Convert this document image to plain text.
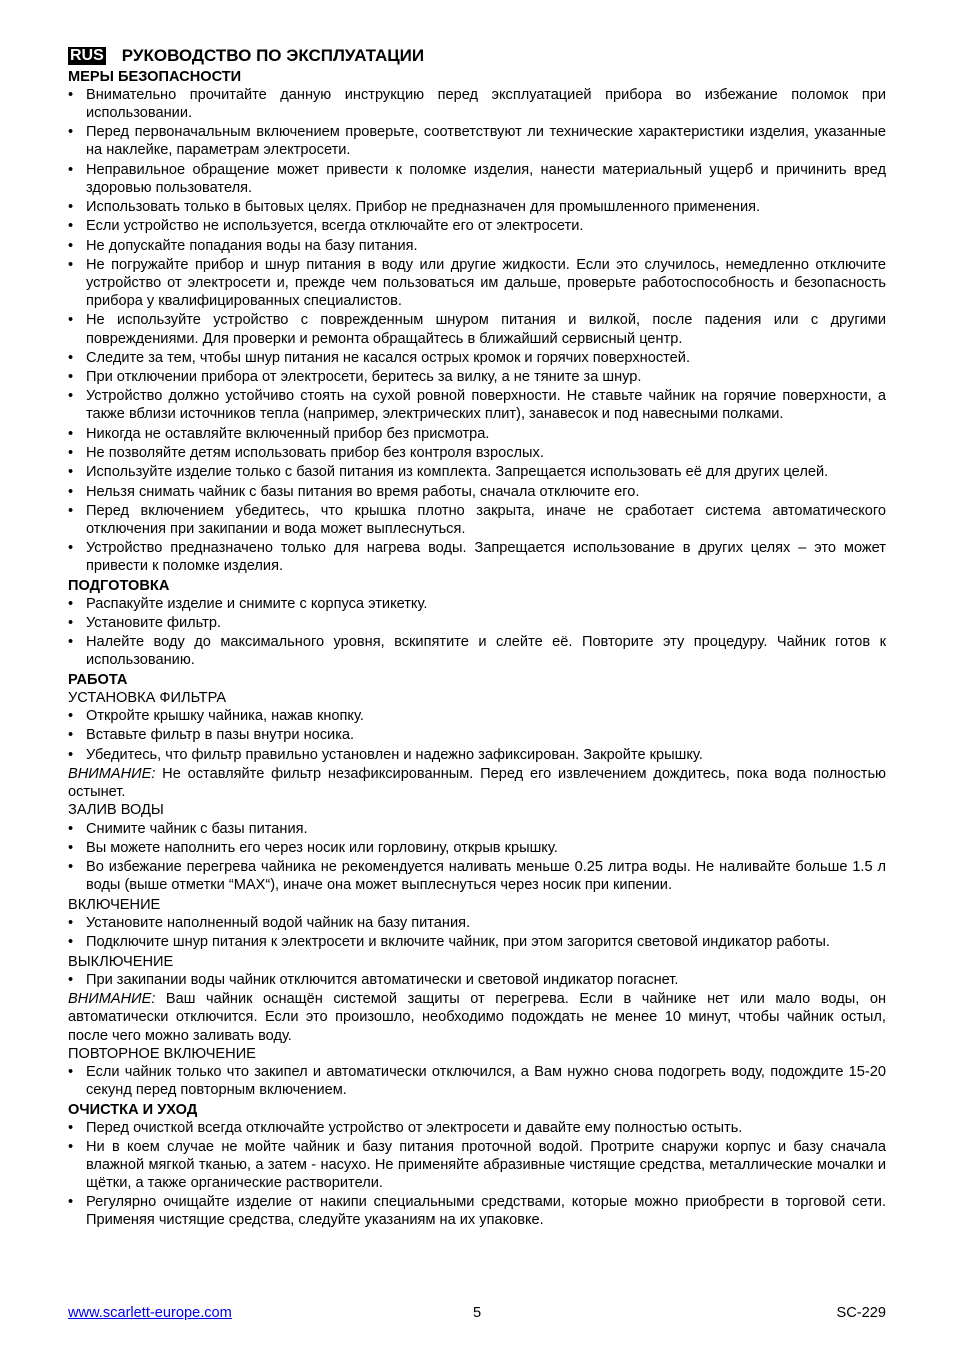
RUS РУКОВОДСТВО ПО ЭКСПЛУАТАЦИИ
МЕРЫ БЕЗОПАСНОСТИ
• Внимательно прочитайте данную инструкцию перед эксплуатацией прибора во избежание поломок при использовании.
• Перед первоначальным включением проверьте, соответствуют ли технические характеристики изделия, указанные на наклейке, параметрам электросети.
• Неправильное обращение может привести к поломке изделия, нанести материальный ущерб и причинить вред здоровью пользователя.
• Использовать только в бытовых целях. Прибор не предназначен для промышленного применения.
• Если устройство не используется, всегда отключайте его от электросети.
• Не допускайте попадания воды на базу питания.
• Не погружайте прибор и шнур питания в воду или другие жидкости. Если это случилось, немедленно отключите устройство от электросети и, прежде чем пользоваться им дальше, проверьте работоспособность и безопасность прибора у квалифицированных специалистов.
• Не используйте устройство с поврежденным шнуром питания и вилкой, после падения или с другими повреждениями. Для проверки и ремонта обращайтесь в ближайший сервисный центр.
• Следите за тем, чтобы шнур питания не касался острых кромок и горячих поверхностей.
• При отключении прибора от электросети, беритесь за вилку, а не тяните за шнур.
• Устройство должно устойчиво стоять на сухой ровной поверхности. Не ставьте чайник на горячие поверхности, а также вблизи источников тепла (например, электрических плит), занавесок и под навесными полками.
• Никогда не оставляйте включенный прибор без присмотра.
• Не позволяйте детям использовать прибор без контроля взрослых.
• Используйте изделие только с базой питания из комплекта. Запрещается использовать её для других целей.
• Нельзя снимать чайник с базы питания во время работы, сначала отключите его.
• Перед включением убедитесь, что крышка плотно закрыта, иначе не сработает система автоматического отключения при закипании и вода может выплеснуться.
• Устройство предназначено только для нагрева воды. Запрещается использование в других целях – это может привести к поломке изделия.
ПОДГОТОВКА
• Распакуйте изделие и снимите с корпуса этикетку.
• Установите фильтр.
• Налейте воду до максимального уровня, вскипятите и слейте её. Повторите эту процедуру. Чайник готов к использованию.
РАБОТА
УСТАНОВКА ФИЛЬТРА
• Откройте крышку чайника, нажав кнопку.
• Вставьте фильтр в пазы внутри носика.
• Убедитесь, что фильтр правильно установлен и надежно зафиксирован. Закройте крышку.
ВНИМАНИЕ: Не оставляйте фильтр незафиксированным. Перед его извлечением дождитесь, пока вода полностью остынет.
ЗАЛИВ ВОДЫ
• Снимите чайник с базы питания.
• Вы можете наполнить его через носик или горловину, открыв крышку.
• Во избежание перегрева чайника не рекомендуется наливать меньше 0.25 литра воды. Не наливайте больше 1.5 л воды (выше отметки “MAX“), иначе она может выплеснуться через носик при кипении.
ВКЛЮЧЕНИЕ
• Установите наполненный водой чайник на базу питания.
• Подключите шнур питания к электросети и включите чайник, при этом загорится световой индикатор работы.
ВЫКЛЮЧЕНИЕ
• При закипании воды чайник отключится автоматически и световой индикатор погаснет.
ВНИМАНИЕ: Ваш чайник оснащён системой защиты от перегрева. Если в чайнике нет или мало воды, он автоматически отключится. Если это произошло, необходимо подождать не менее 10 минут, чтобы чайник остыл, после чего можно заливать воду.
ПОВТОРНОЕ ВКЛЮЧЕНИЕ
• Если чайник только что закипел и автоматически отключился, а Вам нужно снова подогреть воду, подождите 15-20 секунд перед повторным включением.
ОЧИСТКА И УХОД
• Перед очисткой всегда отключайте устройство от электросети и давайте ему полностью остыть.
• Ни в коем случае не мойте чайник и базу питания проточной водой. Протрите снаружи корпус и базу сначала влажной мягкой тканью, а затем - насухо. Не применяйте абразивные чистящие средства, металлические мочалки и щётки, а также органические растворители.
• Регулярно очищайте изделие от накипи специальными средствами, которые можно приобрести в торговой сети. Применяя чистящие средства, следуйте указаниям на их упаковке.
5
www.scarlett-europe.com	SC-229
